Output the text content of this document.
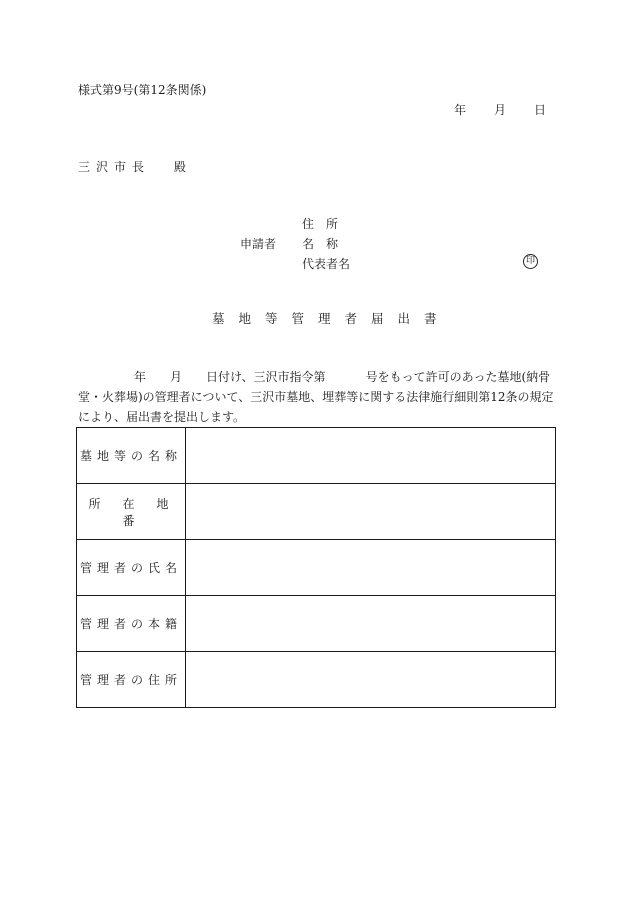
様式第9号(第12条関係)
年	月	日
三沢市長 殿
申請者
住　所
名　称
代表者名	印
墓地等管理者届出書

年 月 日付け、三沢市指令第	号をもって許可のあった墓地(納骨

堂・火葬場)の管理者について、三沢市墓地、埋葬等に関する法律施行細則第12条の規定

により、届出書を提出します。

墓地等の名称	
所　在　地　番	
管理者の氏名	
管理者の本籍	
管理者の住所	
